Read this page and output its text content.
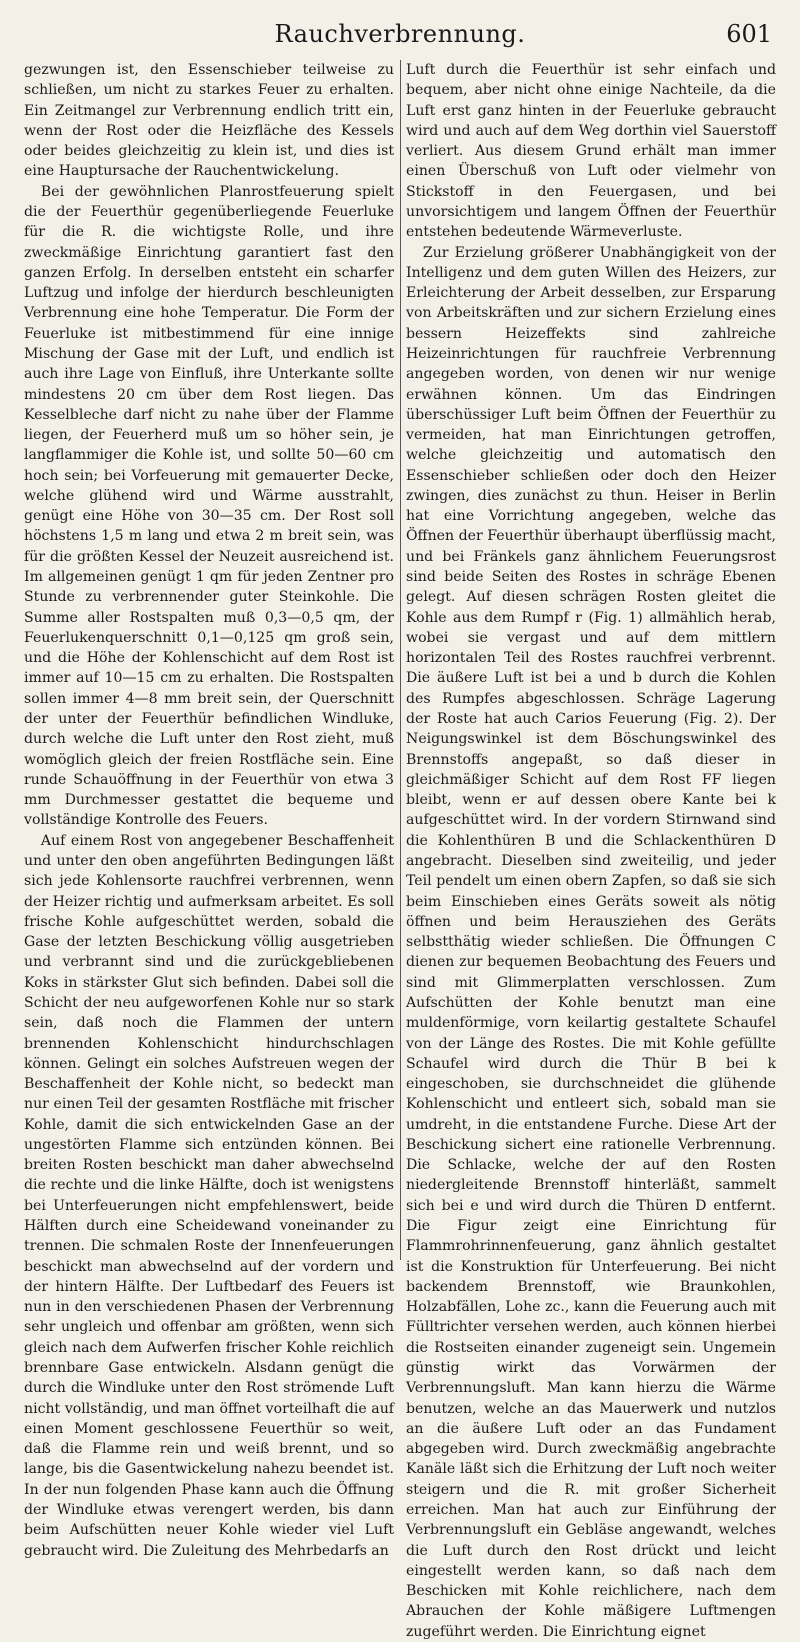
Rauchverbrennung.	601

gezwungen ist, den Essenschieber teilweise zu schließen, um nicht zu starkes Feuer zu erhalten. Ein Zeitmangel zur Verbrennung endlich tritt ein, wenn der Rost oder die Heizfläche des Kessels oder beides gleichzeitig zu klein ist, und dies ist eine Hauptursache der Rauchentwickelung.

Bei der gewöhnlichen Planrostfeuerung spielt die der Feuerthür gegenüberliegende Feuerluke für die R. die wichtigste Rolle, und ihre zweckmäßige Einrichtung garantiert fast den ganzen Erfolg. In derselben entsteht ein scharfer Luftzug und infolge der hierdurch beschleunigten Verbrennung eine hohe Temperatur. Die Form der Feuerluke ist mitbestimmend für eine innige Mischung der Gase mit der Luft, und endlich ist auch ihre Lage von Einfluß, ihre Unterkante sollte mindestens 20 cm über dem Rost liegen. Das Kesselbleche darf nicht zu nahe über der Flamme liegen, der Feuerherd muß um so höher sein, je langflammiger die Kohle ist, und sollte 50—60 cm hoch sein; bei Vorfeuerung mit gemauerter Decke, welche glühend wird und Wärme ausstrahlt, genügt eine Höhe von 30—35 cm. Der Rost soll höchstens 1,5 m lang und etwa 2 m breit sein, was für die größten Kessel der Neuzeit ausreichend ist. Im allgemeinen genügt 1 qm für jeden Zentner pro Stunde zu verbrennender guter Steinkohle. Die Summe aller Rostspalten muß 0,3—0,5 qm, der Feuerlukenquerschnitt 0,1—0,125 qm groß sein, und die Höhe der Kohlenschicht auf dem Rost ist immer auf 10—15 cm zu erhalten. Die Rostspalten sollen immer 4—8 mm breit sein, der Querschnitt der unter der Feuerthür befindlichen Windluke, durch welche die Luft unter den Rost zieht, muß womöglich gleich der freien Rostfläche sein. Eine runde Schauöffnung in der Feuerthür von etwa 3 mm Durchmesser gestattet die bequeme und vollständige Kontrolle des Feuers.

Auf einem Rost von angegebener Beschaffenheit und unter den oben angeführten Bedingungen läßt sich jede Kohlensorte rauchfrei verbrennen, wenn der Heizer richtig und aufmerksam arbeitet. Es soll frische Kohle aufgeschüttet werden, sobald die Gase der letzten Beschickung völlig ausgetrieben und verbrannt sind und die zurückgebliebenen Koks in stärkster Glut sich befinden. Dabei soll die Schicht der neu aufgeworfenen Kohle nur so stark sein, daß noch die Flammen der untern brennenden Kohlenschicht hindurchschlagen können. Gelingt ein solches Aufstreuen wegen der Beschaffenheit der Kohle nicht, so bedeckt man nur einen Teil der gesamten Rostfläche mit frischer Kohle, damit die sich entwickelnden Gase an der ungestörten Flamme sich entzünden können. Bei breiten Rosten beschickt man daher abwechselnd die rechte und die linke Hälfte, doch ist wenigstens bei Unterfeuerungen nicht empfehlenswert, beide Hälften durch eine Scheidewand voneinander zu trennen. Die schmalen Roste der Innenfeuerungen beschickt man abwechselnd auf der vordern und der hintern Hälfte. Der Luftbedarf des Feuers ist nun in den verschiedenen Phasen der Verbrennung sehr ungleich und offenbar am größten, wenn sich gleich nach dem Aufwerfen frischer Kohle reichlich brennbare Gase entwickeln. Alsdann genügt die durch die Windluke unter den Rost strömende Luft nicht vollständig, und man öffnet vorteilhaft die auf einen Moment geschlossene Feuerthür so weit, daß die Flamme rein und weiß brennt, und so lange, bis die Gasentwickelung nahezu beendet ist. In der nun folgenden Phase kann auch die Öffnung der Windluke etwas verengert werden, bis dann beim Aufschütten neuer Kohle wieder viel Luft gebraucht wird. Die Zuleitung des Mehrbedarfs an

Luft durch die Feuerthür ist sehr einfach und bequem, aber nicht ohne einige Nachteile, da die Luft erst ganz hinten in der Feuerluke gebraucht wird und auch auf dem Weg dorthin viel Sauerstoff verliert. Aus diesem Grund erhält man immer einen Überschuß von Luft oder vielmehr von Stickstoff in den Feuergasen, und bei unvorsichtigem und langem Öffnen der Feuerthür entstehen bedeutende Wärmeverluste.

Zur Erzielung größerer Unabhängigkeit von der Intelligenz und dem guten Willen des Heizers, zur Erleichterung der Arbeit desselben, zur Ersparung von Arbeitskräften und zur sichern Erzielung eines bessern Heizeffekts sind zahlreiche Heizeinrichtungen für rauchfreie Verbrennung angegeben worden, von denen wir nur wenige erwähnen können. Um das Eindringen überschüssiger Luft beim Öffnen der Feuerthür zu vermeiden, hat man Einrichtungen getroffen, welche gleichzeitig und automatisch den Essenschieber schließen oder doch den Heizer zwingen, dies zunächst zu thun. Heiser in Berlin hat eine Vorrichtung angegeben, welche das Öffnen der Feuerthür überhaupt überflüssig macht, und bei Fränkels ganz ähnlichem Feuerungsrost sind beide Seiten des Rostes in schräge Ebenen gelegt. Auf diesen schrägen Rosten gleitet die Kohle aus dem Rumpf r (Fig. 1) allmählich herab, wobei sie vergast und auf dem mittlern horizontalen Teil des Rostes rauchfrei verbrennt. Die äußere Luft ist bei a und b durch die Kohlen des Rumpfes abgeschlossen. Schräge Lagerung der Roste hat auch Carios Feuerung (Fig. 2). Der Neigungswinkel ist dem Böschungswinkel des Brennstoffs angepaßt, so daß dieser in gleichmäßiger Schicht auf dem Rost FF liegen bleibt, wenn er auf dessen obere Kante bei k aufgeschüttet wird. In der vordern Stirnwand sind die Kohlenthüren B und die Schlackenthüren D angebracht. Dieselben sind zweiteilig, und jeder Teil pendelt um einen obern Zapfen, so daß sie sich beim Einschieben eines Geräts soweit als nötig öffnen und beim Herausziehen des Geräts selbstthätig wieder schließen. Die Öffnungen C dienen zur bequemen Beobachtung des Feuers und sind mit Glimmerplatten verschlossen. Zum Aufschütten der Kohle benutzt man eine muldenförmige, vorn keilartig gestaltete Schaufel von der Länge des Rostes. Die mit Kohle gefüllte Schaufel wird durch die Thür B bei k eingeschoben, sie durchschneidet die glühende Kohlenschicht und entleert sich, sobald man sie umdreht, in die entstandene Furche. Diese Art der Beschickung sichert eine rationelle Verbrennung. Die Schlacke, welche der auf den Rosten niedergleitende Brennstoff hinterläßt, sammelt sich bei e und wird durch die Thüren D entfernt. Die Figur zeigt eine Einrichtung für Flammrohrinnenfeuerung, ganz ähnlich gestaltet ist die Konstruktion für Unterfeuerung. Bei nicht backendem Brennstoff, wie Braunkohlen, Holzabfällen, Lohe zc., kann die Feuerung auch mit Fülltrichter versehen werden, auch können hierbei die Rostseiten einander zugeneigt sein. Ungemein günstig wirkt das Vorwärmen der Verbrennungsluft. Man kann hierzu die Wärme benutzen, welche an das Mauerwerk und nutzlos an die äußere Luft oder an das Fundament abgegeben wird. Durch zweckmäßig angebrachte Kanäle läßt sich die Erhitzung der Luft noch weiter steigern und die R. mit großer Sicherheit erreichen. Man hat auch zur Einführung der Verbrennungsluft ein Gebläse angewandt, welches die Luft durch den Rost drückt und leicht eingestellt werden kann, so daß nach dem Beschicken mit Kohle reichlichere, nach dem Abrauchen der Kohle mäßigere Luftmengen zugeführt werden. Die Einrichtung eignet
